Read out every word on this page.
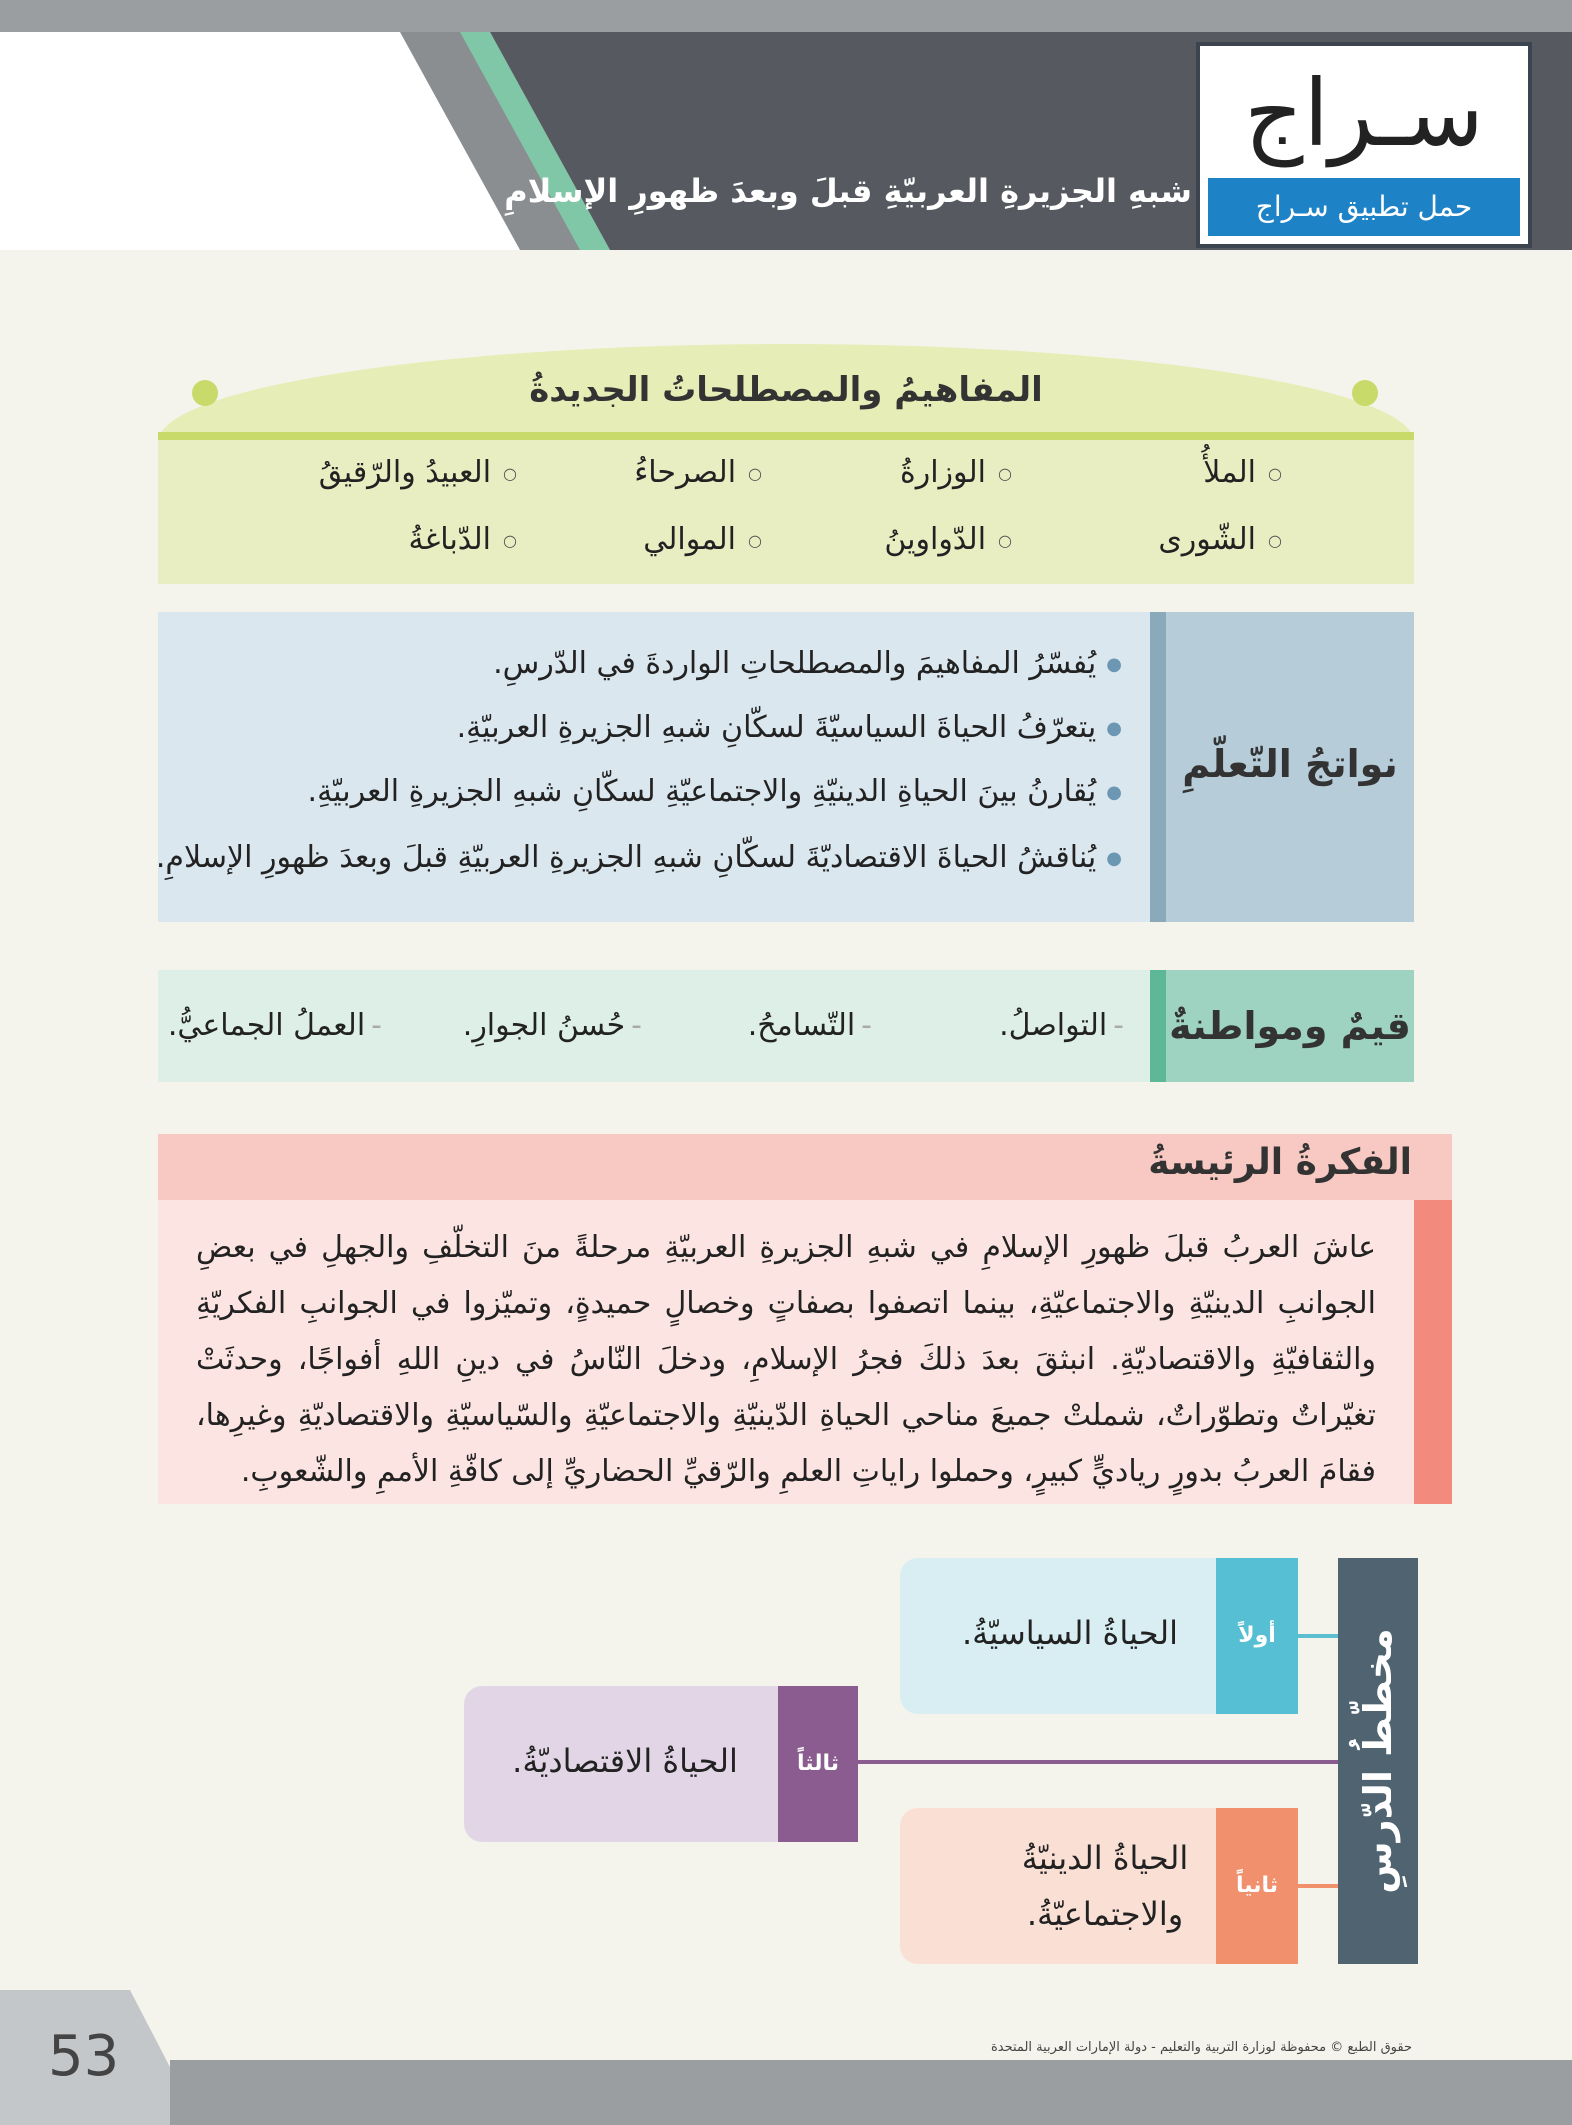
شبهِ الجزيرةِ العربيّةِ قبلَ وبعدَ ظهورِ الإسلامِ
سـراج
حمل تطبيق سـراج
المفاهيمُ والمصطلحاتُ الجديدةُ
○ الملأُ
○ الوزارةُ
○ الصرحاءُ
○ العبيدُ والرّقيقُ
○ الشّورى
○ الدّواوينُ
○ الموالي
○ الدّباغةُ
نواتجُ التّعلّمِ
● يُفسّرُ المفاهيمَ والمصطلحاتِ الواردةَ في الدّرسِ.
● يتعرّفُ الحياةَ السياسيّةَ لسكّانِ شبهِ الجزيرةِ العربيّةِ.
● يُقارنُ بينَ الحياةِ الدينيّةِ والاجتماعيّةِ لسكّانِ شبهِ الجزيرةِ العربيّةِ.
● يُناقشُ الحياةَ الاقتصاديّةَ لسكّانِ شبهِ الجزيرةِ العربيّةِ قبلَ وبعدَ ظهورِ الإسلامِ.
قيمٌ ومواطنةٌ
- التواصلُ.
- التّسامحُ.
- حُسنُ الجوارِ.
- العملُ الجماعيُّ.
الفكرةُ الرئيسةُ
عاشَ العربُ قبلَ ظهورِ الإسلامِ في شبهِ الجزيرةِ العربيّةِ مرحلةً منَ التخلّفِ والجهلِ في بعضِ الجوانبِ الدينيّةِ والاجتماعيّةِ، بينما اتصفوا بصفاتٍ وخصالٍ حميدةٍ، وتميّزوا في الجوانبِ الفكريّةِ والثقافيّةِ والاقتصاديّةِ. انبثقَ بعدَ ذلكَ فجرُ الإسلامِ، ودخلَ النّاسُ في دينِ اللهِ أفواجًا، وحدثَتْ تغيّراتٌ وتطوّراتٌ، شملتْ جميعَ مناحي الحياةِ الدّينيّةِ والاجتماعيّةِ والسّياسيّةِ والاقتصاديّةِ وغيرِها، فقامَ العربُ بدورٍ رياديٍّ كبيرٍ، وحملوا راياتِ العلمِ والرّقيِّ الحضاريِّ إلى كافّةِ الأممِ والشّعوبِ.
مخطّطُ الدّرسِ
أولاً
الحياةُ السياسيّةُ.
ثالثاً
الحياةُ الاقتصاديّةُ.
ثانياً
الحياةُ الدينيّةُ والاجتماعيّةُ.
53	حقوق الطبع © محفوظة لوزارة التربية والتعليم - دولة الإمارات العربية المتحدة
